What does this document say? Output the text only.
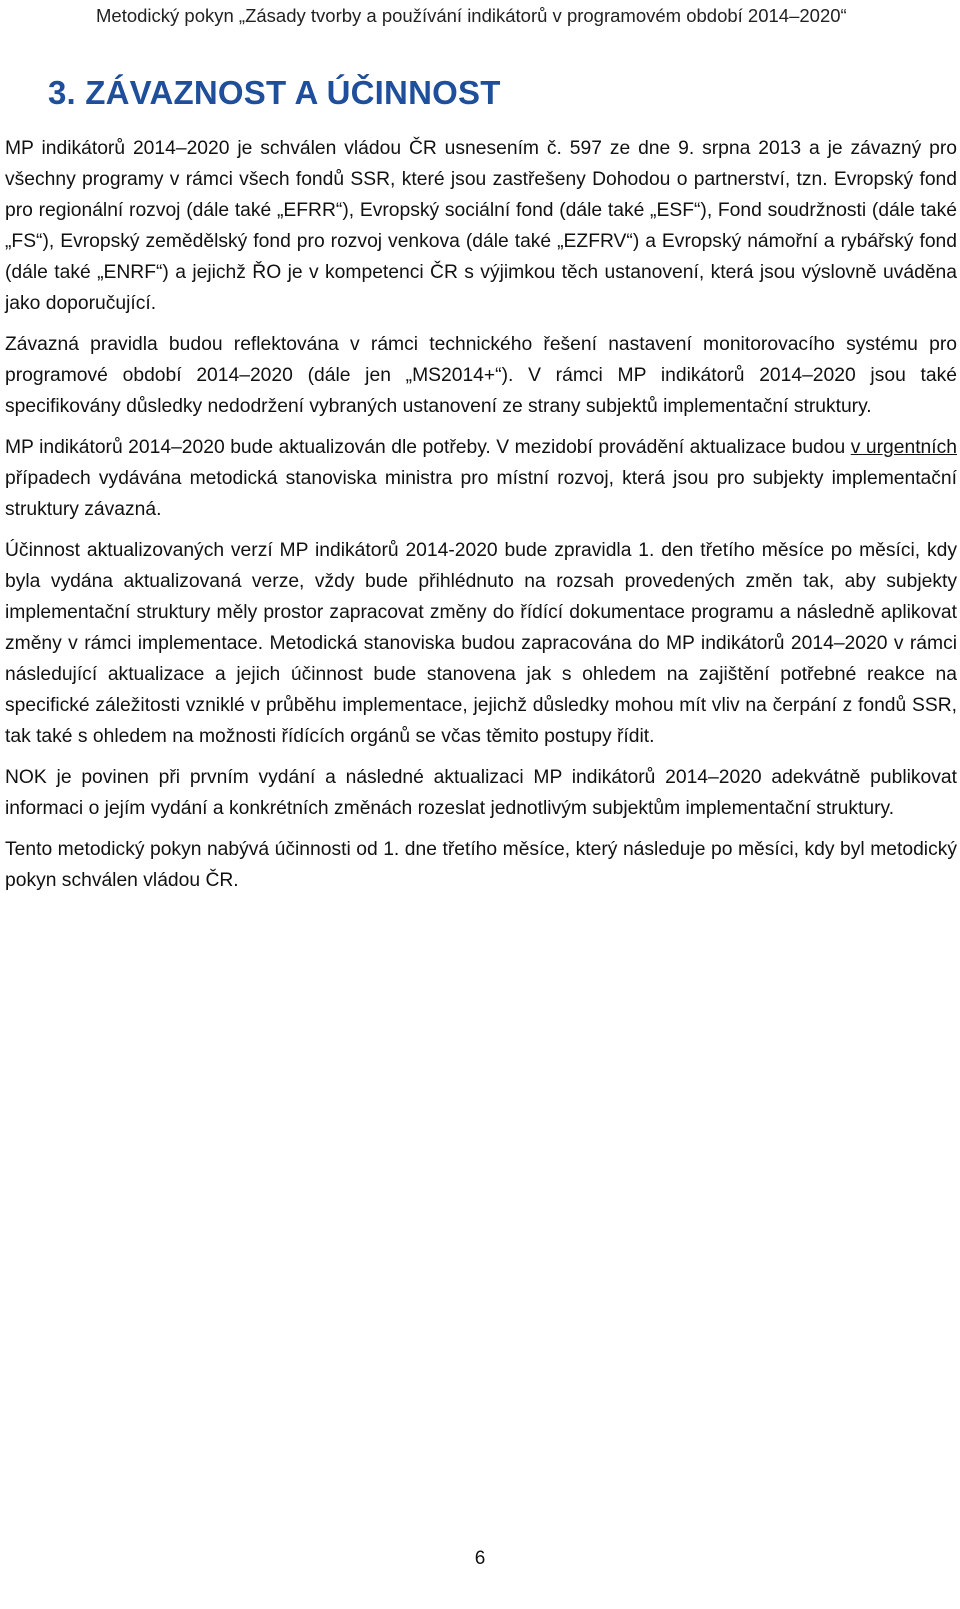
Metodický pokyn „Zásady tvorby a používání indikátorů v programovém období 2014–2020“
3. ZÁVAZNOST A ÚČINNOST

MP indikátorů 2014–2020 je schválen vládou ČR usnesením č. 597 ze dne 9. srpna 2013 a je závazný pro všechny programy v rámci všech fondů SSR, které jsou zastřešeny Dohodou o partnerství, tzn. Evropský fond pro regionální rozvoj (dále také „EFRR“), Evropský sociální fond (dále také „ESF“), Fond soudržnosti (dále také „FS“), Evropský zemědělský fond pro rozvoj venkova (dále také „EZFRV“) a Evropský námořní a rybářský fond (dále také „ENRF“) a jejichž ŘO je v kompetenci ČR s výjimkou těch ustanovení, která jsou výslovně uváděna jako doporučující.

Závazná pravidla budou reflektována v rámci technického řešení nastavení monitorovacího systému pro programové období 2014–2020 (dále jen „MS2014+“). V rámci MP indikátorů 2014–2020 jsou také specifikovány důsledky nedodržení vybraných ustanovení ze strany subjektů implementační struktury.

MP indikátorů 2014–2020 bude aktualizován dle potřeby. V mezidobí provádění aktualizace budou v urgentních případech vydávána metodická stanoviska ministra pro místní rozvoj, která jsou pro subjekty implementační struktury závazná.

Účinnost aktualizovaných verzí MP indikátorů 2014-2020 bude zpravidla 1. den třetího měsíce po měsíci, kdy byla vydána aktualizovaná verze, vždy bude přihlédnuto na rozsah provedených změn tak, aby subjekty implementační struktury měly prostor zapracovat změny do řídící dokumentace programu a následně aplikovat změny v rámci implementace. Metodická stanoviska budou zapracována do MP indikátorů 2014–2020 v rámci následující aktualizace a jejich účinnost bude stanovena jak s ohledem na zajištění potřebné reakce na specifické záležitosti vzniklé v průběhu implementace, jejichž důsledky mohou mít vliv na čerpání z fondů SSR, tak také s ohledem na možnosti řídících orgánů se včas těmito postupy řídit.

NOK je povinen při prvním vydání a následné aktualizaci MP indikátorů 2014–2020 adekvátně publikovat informaci o jejím vydání a konkrétních změnách rozeslat jednotlivým subjektům implementační struktury.

Tento metodický pokyn nabývá účinnosti od 1. dne třetího měsíce, který následuje po měsíci, kdy byl metodický pokyn schválen vládou ČR.

6
